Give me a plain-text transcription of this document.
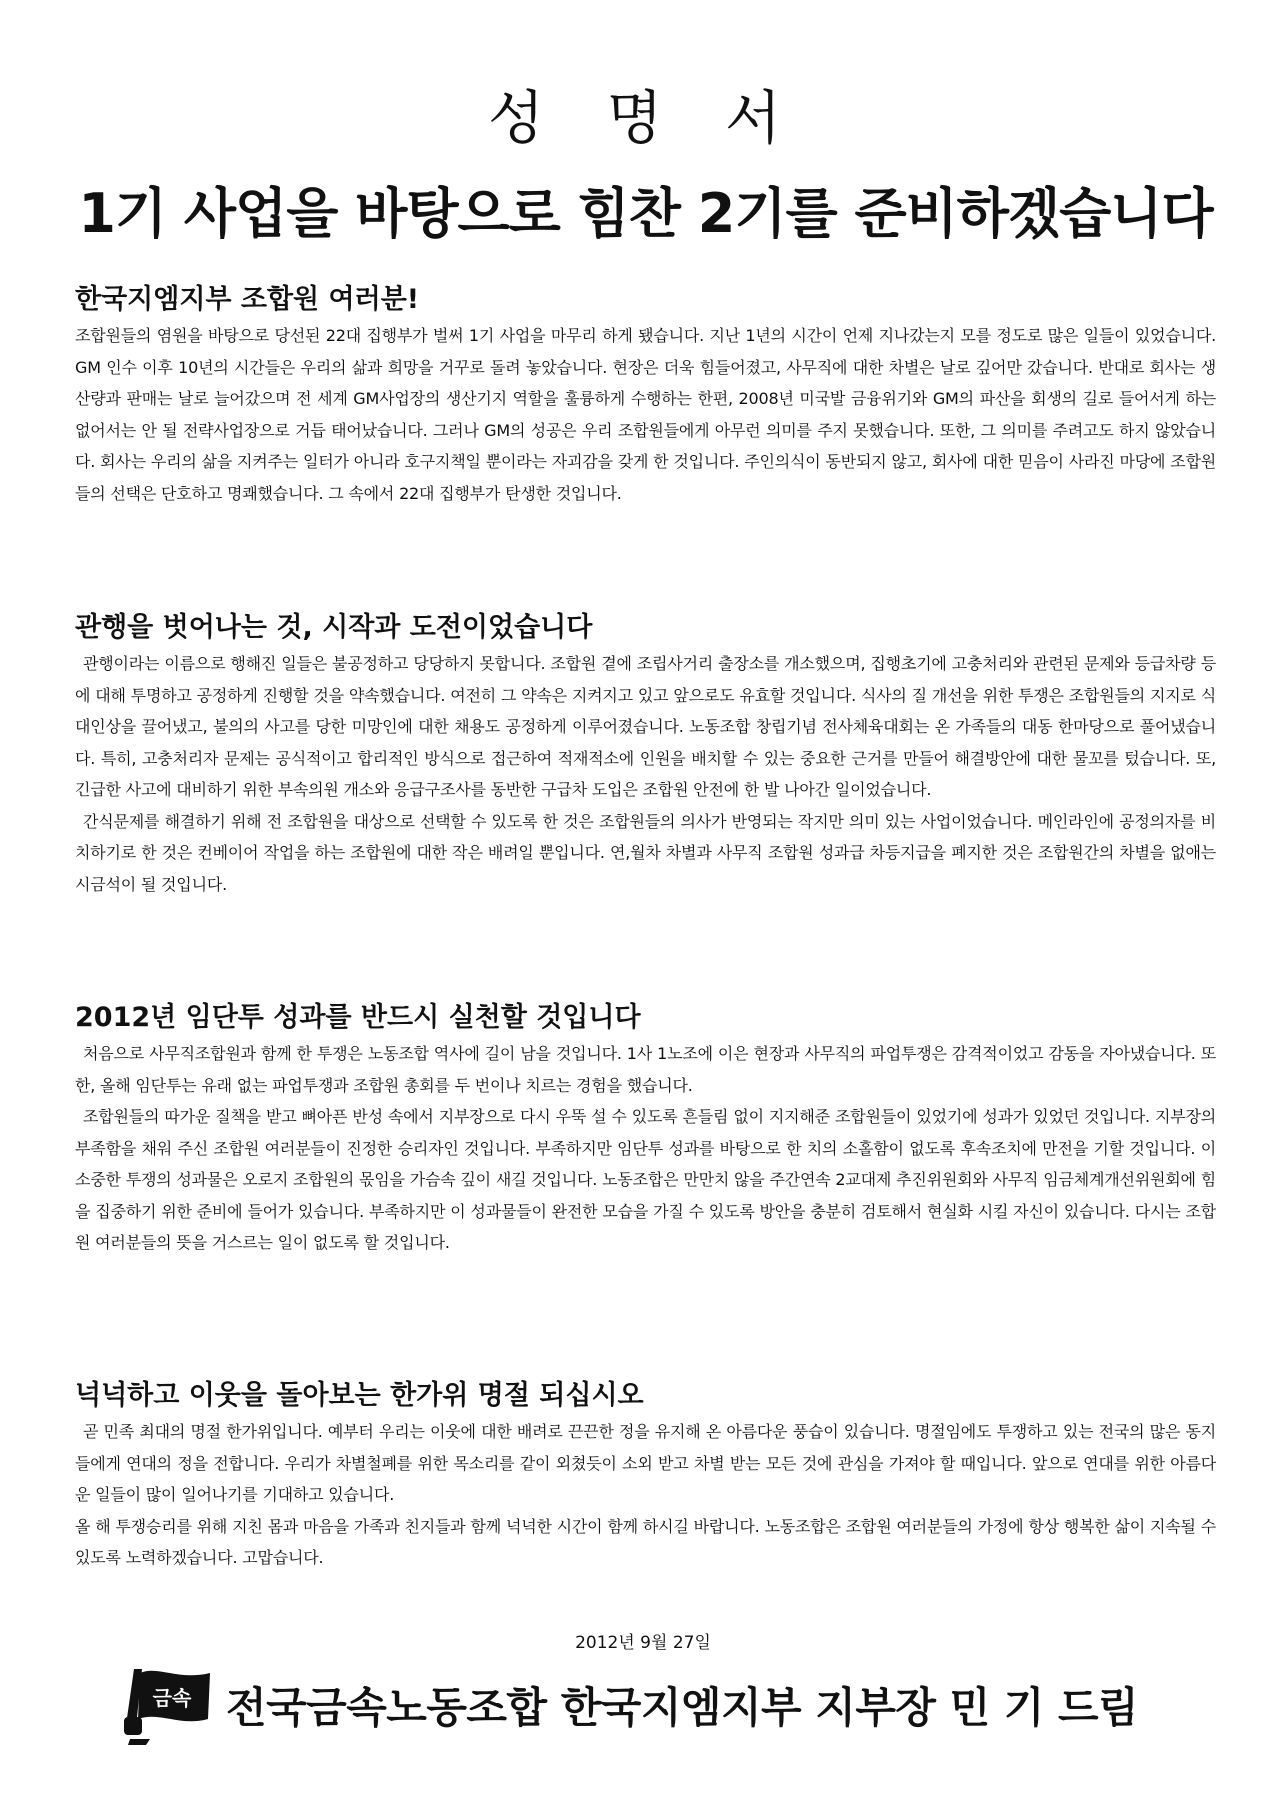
성 명 서
1기 사업을 바탕으로 힘찬 2기를 준비하겠습니다
한국지엠지부 조합원 여러분!

조합원들의 염원을 바탕으로 당선된 22대 집행부가 벌써 1기 사업을 마무리 하게 됐습니다. 지난 1년의 시간이 언제 지나갔는지 모를 정도로 많은 일들이 있었습니다. GM 인수 이후 10년의 시간들은 우리의 삶과 희망을 거꾸로 돌려 놓았습니다. 현장은 더욱 힘들어졌고, 사무직에 대한 차별은 날로 깊어만 갔습니다. 반대로 회사는 생산량과 판매는 날로 늘어갔으며 전 세계 GM사업장의 생산기지 역할을 훌륭하게 수행하는 한편, 2008년 미국발 금융위기와 GM의 파산을 회생의 길로 들어서게 하는 없어서는 안 될 전략사업장으로 거듭 태어났습니다. 그러나 GM의 성공은 우리 조합원들에게 아무런 의미를 주지 못했습니다. 또한, 그 의미를 주려고도 하지 않았습니다. 회사는 우리의 삶을 지켜주는 일터가 아니라 호구지책일 뿐이라는 자괴감을 갖게 한 것입니다. 주인의식이 동반되지 않고, 회사에 대한 믿음이 사라진 마당에 조합원들의 선택은 단호하고 명쾌했습니다. 그 속에서 22대 집행부가 탄생한 것입니다.

관행을 벗어나는 것, 시작과 도전이었습니다

관행이라는 이름으로 행해진 일들은 불공정하고 당당하지 못합니다. 조합원 곁에 조립사거리 출장소를 개소했으며, 집행초기에 고충처리와 관련된 문제와 등급차량 등에 대해 투명하고 공정하게 진행할 것을 약속했습니다. 여전히 그 약속은 지켜지고 있고 앞으로도 유효할 것입니다. 식사의 질 개선을 위한 투쟁은 조합원들의 지지로 식대인상을 끌어냈고, 불의의 사고를 당한 미망인에 대한 채용도 공정하게 이루어졌습니다. 노동조합 창립기념 전사체육대회는 온 가족들의 대동 한마당으로 풀어냈습니다. 특히, 고충처리자 문제는 공식적이고 합리적인 방식으로 접근하여 적재적소에 인원을 배치할 수 있는 중요한 근거를 만들어 해결방안에 대한 물꼬를 텄습니다. 또, 긴급한 사고에 대비하기 위한 부속의원 개소와 응급구조사를 동반한 구급차 도입은 조합원 안전에 한 발 나아간 일이었습니다.

간식문제를 해결하기 위해 전 조합원을 대상으로 선택할 수 있도록 한 것은 조합원들의 의사가 반영되는 작지만 의미 있는 사업이었습니다. 메인라인에 공정의자를 비치하기로 한 것은 컨베이어 작업을 하는 조합원에 대한 작은 배려일 뿐입니다. 연,월차 차별과 사무직 조합원 성과급 차등지급을 폐지한 것은 조합원간의 차별을 없애는 시금석이 될 것입니다.

2012년 임단투 성과를 반드시 실천할 것입니다

처음으로 사무직조합원과 함께 한 투쟁은 노동조합 역사에 길이 남을 것입니다. 1사 1노조에 이은 현장과 사무직의 파업투쟁은 감격적이었고 감동을 자아냈습니다. 또한, 올해 임단투는 유래 없는 파업투쟁과 조합원 총회를 두 번이나 치르는 경험을 했습니다.

조합원들의 따가운 질책을 받고 뼈아픈 반성 속에서 지부장으로 다시 우뚝 설 수 있도록 흔들림 없이 지지해준 조합원들이 있었기에 성과가 있었던 것입니다. 지부장의 부족함을 채워 주신 조합원 여러분들이 진정한 승리자인 것입니다. 부족하지만 임단투 성과를 바탕으로 한 치의 소홀함이 없도록 후속조치에 만전을 기할 것입니다. 이 소중한 투쟁의 성과물은 오로지 조합원의 몫임을 가슴속 깊이 새길 것입니다. 노동조합은 만만치 않을 주간연속 2교대제 추진위원회와 사무직 임금체계개선위원회에 힘을 집중하기 위한 준비에 들어가 있습니다. 부족하지만 이 성과물들이 완전한 모습을 가질 수 있도록 방안을 충분히 검토해서 현실화 시킬 자신이 있습니다. 다시는 조합원 여러분들의 뜻을 거스르는 일이 없도록 할 것입니다.

넉넉하고 이웃을 돌아보는 한가위 명절 되십시오

곧 민족 최대의 명절 한가위입니다. 예부터 우리는 이웃에 대한 배려로 끈끈한 정을 유지해 온 아름다운 풍습이 있습니다. 명절임에도 투쟁하고 있는 전국의 많은 동지들에게 연대의 정을 전합니다. 우리가 차별철폐를 위한 목소리를 같이 외쳤듯이 소외 받고 차별 받는 모든 것에 관심을 가져야 할 때입니다. 앞으로 연대를 위한 아름다운 일들이 많이 일어나기를 기대하고 있습니다.

올 해 투쟁승리를 위해 지친 몸과 마음을 가족과 친지들과 함께 넉넉한 시간이 함께 하시길 바랍니다. 노동조합은 조합원 여러분들의 가정에 항상 행복한 삶이 지속될 수 있도록 노력하겠습니다. 고맙습니다.

2012년 9월 27일
금속 전국금속노동조합 한국지엠지부 지부장 민 기 드림
